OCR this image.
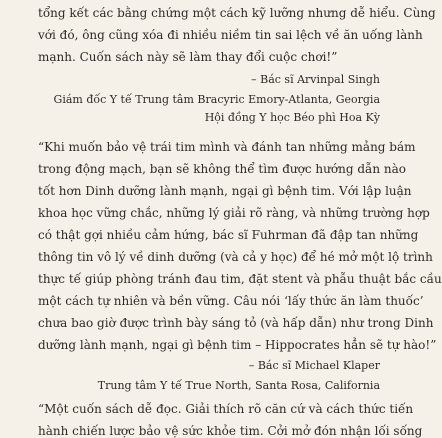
tổng kết các bằng chứng một cách kỹ lưỡng nhưng dễ hiểu. Cùng
với đó, ông cũng xóa đi nhiều niềm tin sai lệch về ăn uống lành
mạnh. Cuốn sách này sẽ làm thay đổi cuộc chơi!”
– Bác sĩ Arvinpal Singh
Giám đốc Y tế Trung tâm Bracyric Emory-Atlanta, Georgia
Hội đồng Y học Béo phì Hoa Kỳ
“Khi muốn bảo vệ trái tim mình và đánh tan những mảng bám
trong động mạch, bạn sẽ không thể tìm được hướng dẫn nào
tốt hơn Dinh dưỡng lành mạnh, ngại gì bệnh tim. Với lập luận
khoa học vững chắc, những lý giải rõ ràng, và những trường hợp
có thật gợi nhiều cảm hứng, bác sĩ Fuhrman đã đập tan những
thông tin vô lý về dinh dưỡng (và cả y học) để hé mở một lộ trình
thực tế giúp phòng tránh đau tim, đặt stent và phẫu thuật bắc cầu
một cách tự nhiên và bền vững. Câu nói ‘lấy thức ăn làm thuốc’
chưa bao giờ được trình bày sáng tỏ (và hấp dẫn) như trong Dinh
dưỡng lành mạnh, ngại gì bệnh tim – Hippocrates hẳn sẽ tự hào!”
– Bác sĩ Michael Klaper
Trung tâm Y tế True North, Santa Rosa, California
“Một cuốn sách dễ đọc. Giải thích rõ căn cứ và cách thức tiến
hành chiến lược bảo vệ sức khỏe tim. Cởi mở đón nhận lối sống
